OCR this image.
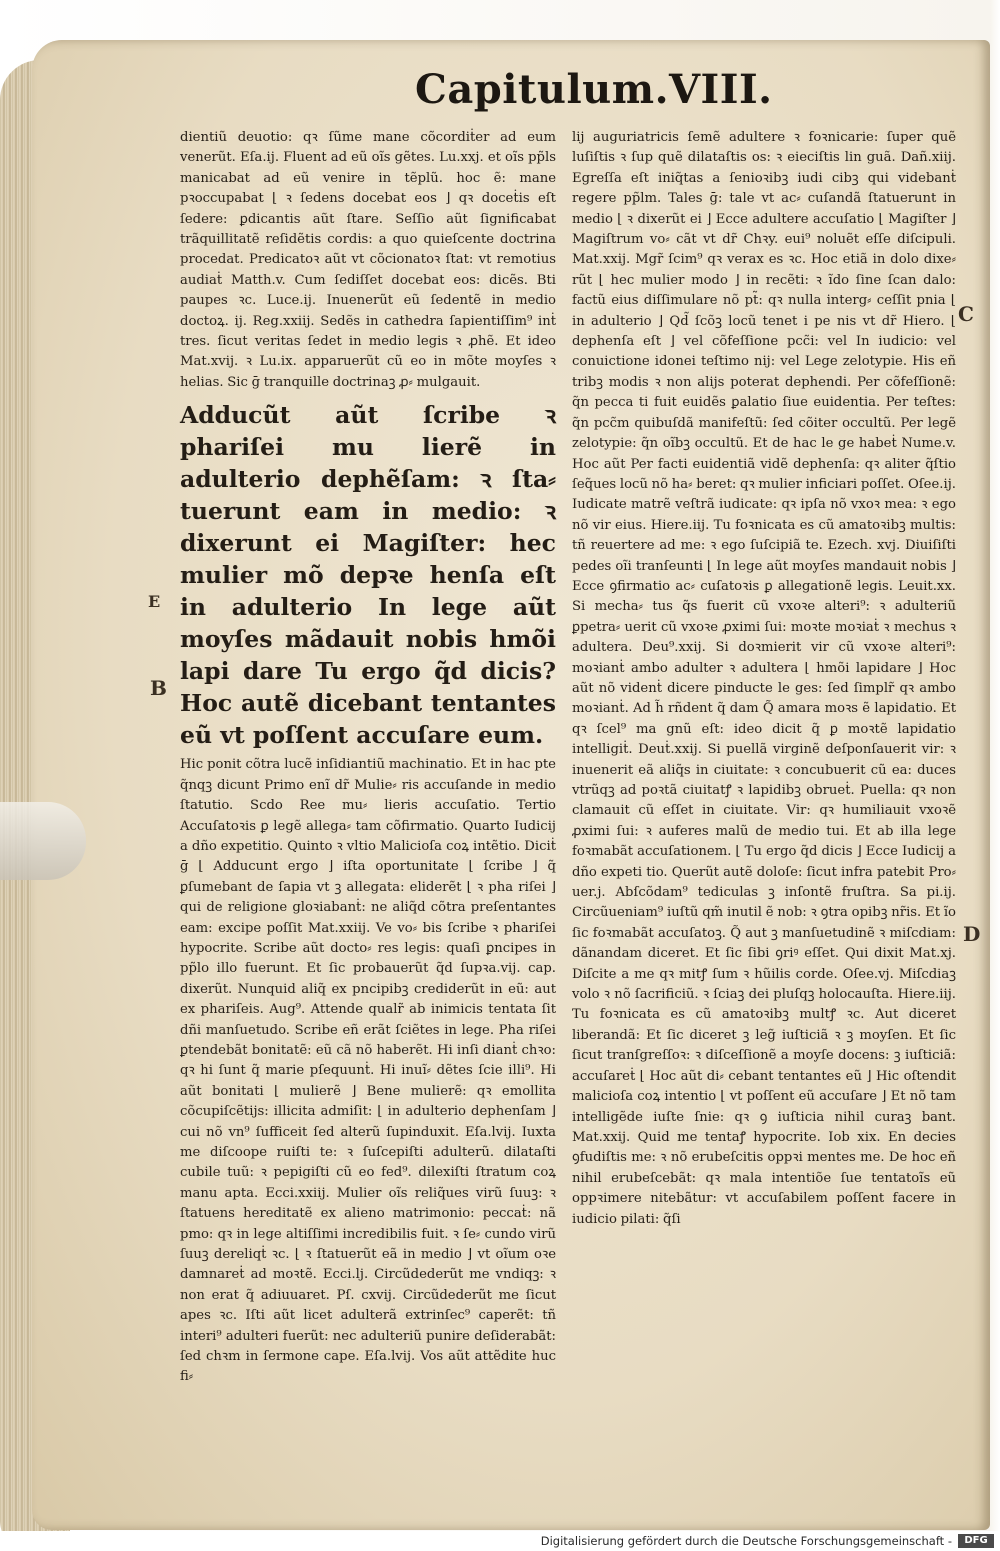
Capitulum.VIII.

dientiũ deuotio: qꝛ ſũme mane cõcordiṫer ad eum venerũt. Eſa.ij. Fluent ad eũ oĩs gẽtes. Lu.xxj. et oĩs pp̃ls manicabat ad eũ venire in tẽplũ. hoc ẽ: mane pꝛoccupabat ⌊ ꝛ ſedens docebat eos ⌋ qꝛ doceṫis eſt ſedere: ꝑdicantis aũt ſtare. Seſſio aũt ſignificabat trãquillitatẽ reſidẽtis cordis: a quo quieſcente doctrina procedat. Predicatoꝛ aũt vt cõcionatoꝛ ſtat: vt remotius audiaṫ Matth.v. Cum ſediſſet docebat eos: dicẽs. Bti paupes ꝛc. Luce.ij. Inuenerũt eũ ſedentẽ in medio doctoꝝ. ij. Reg.xxiij. Sedẽs in cathedra ſapientiſſim⁹ inṫ tres. ſicut veritas ſedet in medio legis ꝛ ꝓhẽ. Et ideo Mat.xvij. ꝛ Lu.ix. apparuerũt cũ eo in mõte moyſes ꝛ helias. Sic ḡ tranquille doctrinaꝫ ꝓ⸗ mulgauit.

Adducũt aũt ſcribe ꝛ phariſei mu lierẽ in adulterio dephẽſam: ꝛ ſta⸗ tuerunt eam in medio: ꝛ dixerunt ei Magiſter: hec mulier mõ depꝛe henſa eſt in adulterio In lege aũt moyſes mãdauit nobis hmõi lapi dare Tu ergo q̃d dicis? Hoc autẽ dicebant tentantes eũ vt poſſent accuſare eum.

Hic ponit cõtra lucẽ inſidiantiũ machinatio. Et in hac pte q̃nqꝫ dicunt Primo enĩ dr̃ Mulie⸗ ris accuſande in medio ſtatutio. Scdo Ree mu⸗ lieris accuſatio. Tertio Accuſatoꝛis ꝑ legẽ allega⸗ tam cõfirmatio. Quarto Iudicij a dño expetitio. Quinto ꝛ vltio Malicioſa coꝝ intẽtio. Diciṫ ḡ ⌊ Adducunt ergo ⌋ iſta oportunitate ⌊ ſcribe ⌋ q̃ ꝑſumebant de ſapia vt ꝫ allegata: eliderẽt ⌊ ꝛ pha riſei ⌋ qui de religione gloꝛiabanṫ: ne aliq̃d cõtra preſentantes eam: excipe poſſit Mat.xxiij. Ve vo⸗ bis ſcribe ꝛ phariſei hypocrite. Scribe aũt docto⸗ res legis: quaſi ꝑncipes in pp̃lo illo fuerunt. Et ſic probauerũt q̃d ſupꝛa.vij. cap. dixerũt. Nunquid aliq̃ ex pncipibꝫ crediderũt in eũ: aut ex phariſeis. Aug⁹. Attende qualr̃ ab inimicis tentata ſit dñi manſuetudo. Scribe eñ erãt ſciẽtes in lege. Pha riſei ꝑtendebãt bonitatẽ: eũ cã nõ haberẽt. Hi inſi dianṫ chꝛo: qꝛ hi ſunt q̃ marie pſequunṫ. Hi inuĩ⸗ dẽtes ſcie illi⁹. Hi aũt bonitati ⌊ mulierẽ ⌋ Bene mulierẽ: qꝛ emollita cõcupiſcẽtijs: illicita admiſit: ⌊ in adulterio dephenſam ⌋ cui nõ vn⁹ ſufficeit ſed alterũ ſupinduxit. Eſa.lvij. Iuxta me diſcoope ruiſti te: ꝛ ſuſcepiſti adulterũ. dilataſti cubile tuũ: ꝛ pepigiſti cũ eo fed⁹. dilexiſti ſtratum coꝝ manu apta. Ecci.xxiij. Mulier oĩs reliq̃ues virũ ſuuꝫ: ꝛ ſtatuens hereditatẽ ex alieno matrimonio: peccaṫ: nã pmo: qꝛ in lege altiſſimi incredibilis fuit. ꝛ ſe⸗ cundo virũ ſuuꝫ dereliqṫ ꝛc. ⌊ ꝛ ſtatuerũt eã in medio ⌋ vt oĩum oꝛe damnareṫ ad moꝛtẽ. Ecci.lj. Circũdederũt me vndiqꝫ: ꝛ non erat q̃ adiuuaret. Pſ. cxvij. Circũdederũt me ſicut apes ꝛc. Iſti aũt licet adulterã extrinſec⁹ caperẽt: tñ interi⁹ adulteri fuerũt: nec adulteriũ punire deſiderabãt: ſed chꝛm in ſermone cape. Eſa.lvij. Vos aũt attẽdite huc fi⸗

lij auguriatricis ſemẽ adultere ꝛ foꝛnicarie: ſuper quẽ luſiſtis ꝛ ſup quẽ dilataſtis os: ꝛ eieciſtis lin guã. Dañ.xiij. Egreſſa eſt iniq̃tas a ſenioꝛibꝫ iudi cibꝫ qui videbanṫ regere pp̃lm. Tales ḡ: tale vt ac⸗ cuſandã ſtatuerunt in medio ⌊ ꝛ dixerũt ei ⌋ Ecce adultere accuſatio ⌊ Magiſter ⌋ Magiſtrum vo⸗ cãt vt dr̃ Chꝛy. eui⁹ noluẽt eſſe diſcipuli. Mat.xxij. Mgr̃ ſcim⁹ qꝛ verax es ꝛc. Hoc etiã in dolo dixe⸗ rũt ⌊ hec mulier modo ⌋ in recẽti: ꝛ ĩdo ſine ſcan dalo: factũ eius diſſimulare nõ pt̃: qꝛ nulla interg⸗ ceſſit pnia ⌊ in adulterio ⌋ Qd̃ ſcõꝫ locũ tenet i pe nis vt dr̃ Hiero. ⌊ dephenſa eſt ⌋ vel cõfeſſione pcc̃i: vel In iudicio: vel conuictione idonei teſtimo nij: vel Lege zelotypie. His eñ tribꝫ modis ꝛ non alijs poterat dephendi. Per cõfeſſionẽ: q̃n pecca ti fuit euidẽs ꝑalatio ſiue euidentia. Per teſtes: q̃n pcc̃m quibuſdã manifeſtũ: ſed cõiter occultũ. Per legẽ zelotypie: q̃n oĩbꝫ occultũ. Et de hac le ge habeṫ Nume.v. Hoc aũt Per facti euidentiã vidẽ dephenſa: qꝛ aliter q̃ſtio ſeq̃ues locũ nõ ha⸗ beret: qꝛ mulier inficiari poſſet. Oſee.ij. Iudicate matrẽ veſtrã iudicate: qꝛ ipſa nõ vxoꝛ mea: ꝛ ego nõ vir eius. Hiere.iij. Tu foꝛnicata es cũ amatoꝛibꝫ multis: tñ reuertere ad me: ꝛ ego ſuſcipiã te. Ezech. xvj. Diuiſiſti pedes oĩi tranſeunti ⌊ In lege aũt moyſes mandauit nobis ⌋ Ecce ꝯfirmatio ac⸗ cuſatoꝛis ꝑ allegationẽ legis. Leuit.xx. Si mecha⸗ tus q̃s fuerit cũ vxoꝛe alteri⁹: ꝛ adulteriũ ꝑpetra⸗ uerit cũ vxoꝛe ꝓximi ſui: moꝛte moꝛiaṫ ꝛ mechus ꝛ adultera. Deu⁹.xxij. Si doꝛmierit vir cũ vxoꝛe alteri⁹: moꝛianṫ ambo adulter ꝛ adultera ⌊ hmõi lapidare ⌋ Hoc aũt nõ videnṫ dicere pinducte le ges: ſed ſimplr̃ qꝛ ambo moꝛianṫ. Ad h̃ rñdent q̃ dam Q̃ amara moꝛs ẽ lapidatio. Et qꝛ ſcel⁹ ma gnũ eſt: ideo dicit q̃ ꝑ moꝛtẽ lapidatio intelligiṫ. Deuṫ.xxij. Si puellã virginẽ deſponſauerit vir: ꝛ inuenerit eã aliq̃s in ciuitate: ꝛ concubuerit cũ ea: duces vtrũqꝫ ad poꝛtã ciuitatꝭ ꝛ lapidibꝫ obrueṫ. Puella: qꝛ non clamauit cũ eſſet in ciuitate. Vir: qꝛ humiliauit vxoꝛẽ ꝓximi ſui: ꝛ auferes malũ de medio tui. Et ab illa lege foꝛmabãt accuſationem. ⌊ Tu ergo q̃d dicis ⌋ Ecce Iudicij a dño expeti tio. Querũt autẽ doloſe: ſicut infra patebit Pro⸗ uer.j. Abſcõdam⁹ tediculas ꝫ inſontẽ fruſtra. Sa pi.ij. Circũueniam⁹ iuſtũ qm̃ inutil ẽ nob: ꝛ ꝯtra opibꝫ nr̃is. Et ĩo ſic foꝛmabãt accuſatoꝫ. Q̃ aut ꝫ manſuetudinẽ ꝛ miſcdiam: dãnandam diceret. Et ſic ſibi ꝯriꝰ eſſet. Qui dixit Mat.xj. Diſcite a me qꝛ mitꝭ ſum ꝛ hũilis corde. Oſee.vj. Miſcdiaꝫ volo ꝛ nõ ſacrificiũ. ꝛ ſciaꝫ dei pluſqꝫ holocauſta. Hiere.iij. Tu foꝛnicata es cũ amatoꝛibꝫ multꝭ ꝛc. Aut diceret liberandã: Et ſic diceret ꝫ leg̃ iuſticiã ꝛ ꝫ moyſen. Et ſic ſicut tranſgreſſoꝛ: ꝛ diſceſſionẽ a moyſe docens: ꝫ iuſticiã: accuſareṫ ⌊ Hoc aũt di⸗ cebant tentantes eũ ⌋ Hic oſtendit malicioſa coꝝ intentio ⌊ vt poſſent eũ accuſare ⌋ Et nõ tam intelligẽde iuſte ſnie: qꝛ ꝯ iuſticia nihil curaꝫ bant. Mat.xxij. Quid me tentaꝭ hypocrite. Iob xix. En decies ꝯfudiſtis me: ꝛ nõ erubeſcitis oppꝛi mentes me. De hoc eñ nihil erubeſcebãt: qꝛ mala intentiõe ſue tentatoĩs eũ oppꝛimere nitebãtur: vt accuſabilem poſſent facere in iudicio pilati: q̃ſi

B
C
D
E
Digitalisierung gefördert durch die Deutsche Forschungsgemeinschaft -	DFG
